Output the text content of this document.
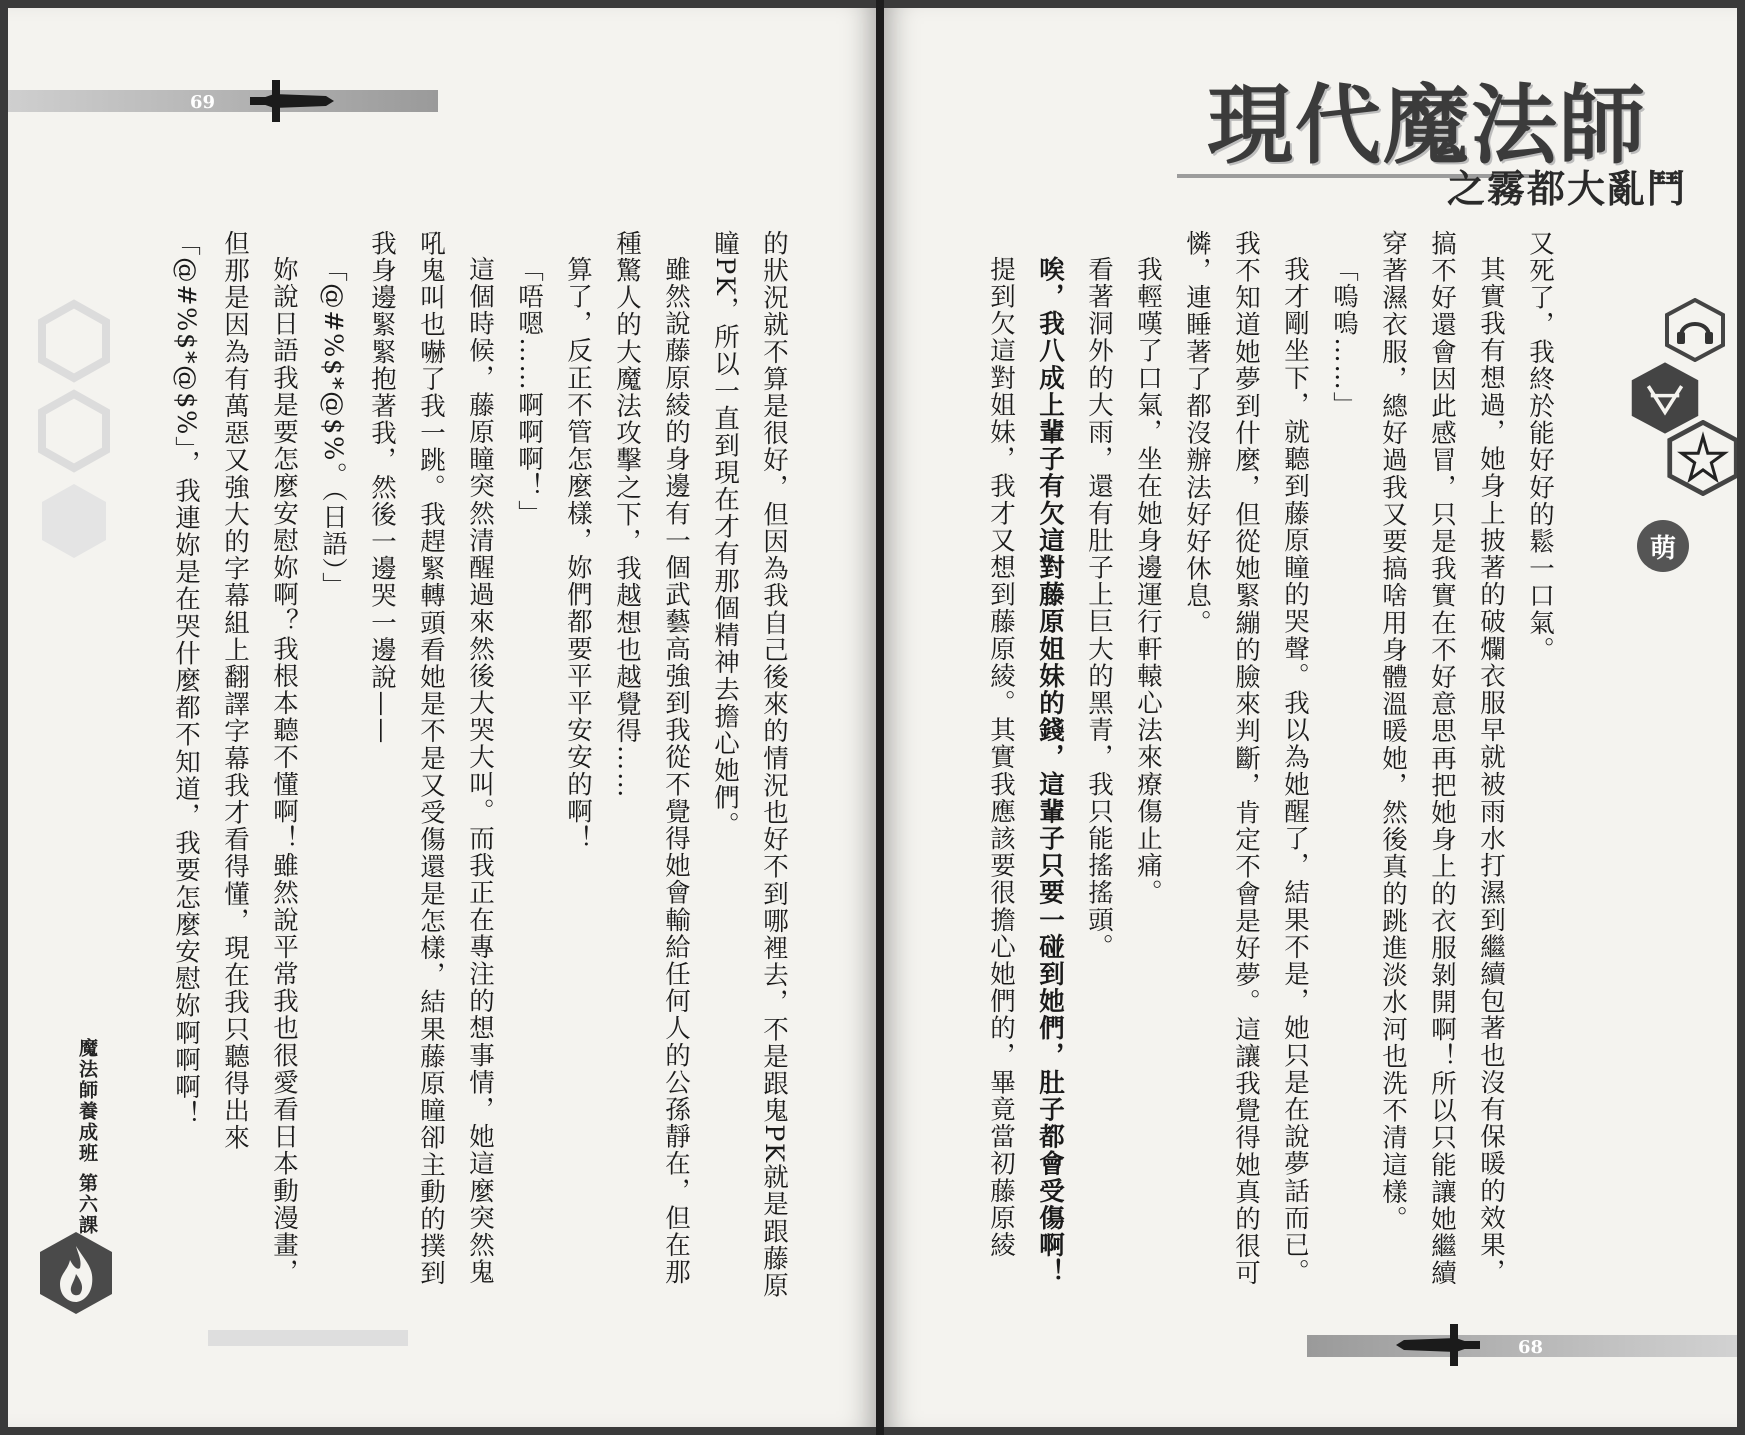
69

的狀況就不算是很好，但因為我自己後來的情況也好不到哪裡去，不是跟鬼PK就是跟藤原瞳PK，所以一直到現在才有那個精神去擔心她們。

雖然說藤原綾的身邊有一個武藝高強到我從不覺得她會輸給任何人的公孫靜在，但在那種驚人的大魔法攻擊之下，我越想也越覺得……

算了，反正不管怎麼樣，妳們都要平平安安的啊！

「唔嗯……啊啊啊！」

這個時候，藤原瞳突然清醒過來然後大哭大叫。而我正在專注的想事情，她這麼突然鬼吼鬼叫也嚇了我一跳。我趕緊轉頭看她是不是又受傷還是怎樣，結果藤原瞳卻主動的撲到我身邊緊緊抱著我，然後一邊哭一邊說——

「@#%$*@$%。（日語）」

妳說日語我是要怎麼安慰妳啊？我根本聽不懂啊！雖然說平常我也很愛看日本動漫畫，但那是因為有萬惡又強大的字幕組上翻譯字幕我才看得懂，現在我只聽得出來「@#%$*@$%」，我連妳是在哭什麼都不知道，我要怎麼安慰妳啊啊啊！

魔法師養成班 第六課
現代魔法師
之霧都大亂鬥
萌

又死了，我終於能好好的鬆一口氣。

其實我有想過，她身上披著的破爛衣服早就被雨水打濕到繼續包著也沒有保暖的效果，搞不好還會因此感冒，只是我實在不好意思再把她身上的衣服剝開啊！所以只能讓她繼續穿著濕衣服，總好過我又要搞啥用身體溫暖她，然後真的跳進淡水河也洗不清這樣。

「嗚嗚……」

我才剛坐下，就聽到藤原瞳的哭聲。我以為她醒了，結果不是，她只是在說夢話而已。我不知道她夢到什麼，但從她緊繃的臉來判斷，肯定不會是好夢。這讓我覺得她真的很可憐，連睡著了都沒辦法好好休息。

我輕嘆了口氣，坐在她身邊運行軒轅心法來療傷止痛。

看著洞外的大雨，還有肚子上巨大的黑青，我只能搖搖頭。

唉，我八成上輩子有欠這對藤原姐妹的錢，這輩子只要一碰到她們，肚子都會受傷啊！

提到欠這對姐妹，我才又想到藤原綾。其實我應該要很擔心她們的，畢竟當初藤原綾

68
